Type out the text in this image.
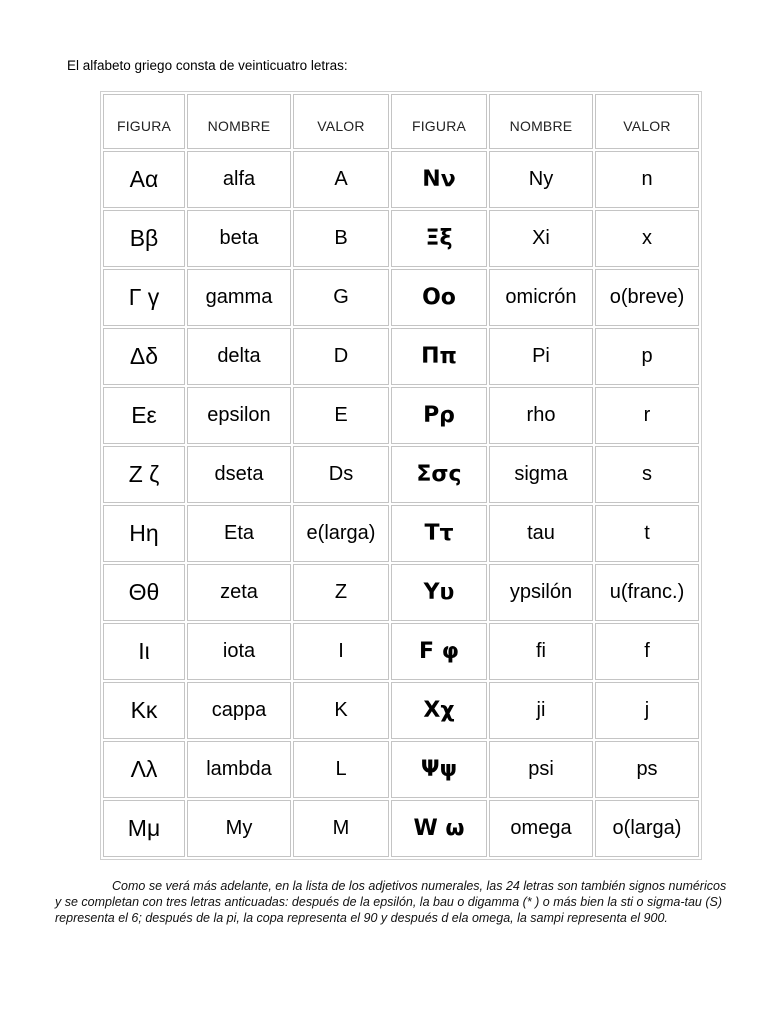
El alfabeto griego consta de veinticuatro letras:
FIGURA	NOMBRE	VALOR	FIGURA	NOMBRE	VALOR
Αα	alfa	A	Νν	Ny	n
Ββ	beta	B	Ξξ	Xi	x
Γ γ	gamma	G	Οο	omicrón	o(breve)
Δδ	delta	D	Ππ	Pi	p
Εε	epsilon	E	Ρρ	rho	r
Ζ ζ	dseta	Ds	Σσς	sigma	s
Ηη	Eta	e(larga)	Ττ	tau	t
Θθ	zeta	Z	Υυ	ypsilón	u(franc.)
Ιι	iota	I	F φ	fi	f
Κκ	cappa	K	Χχ	ji	j
Λλ	lambda	L	Ψψ	psi	ps
Μμ	My	M	W ω	omega	o(larga)
Como se verá más adelante, en la lista de los adjetivos numerales, las 24 letras son también signos numéricos y se completan con tres letras anticuadas: después de la epsilón, la bau o digamma (* ) o más bien la sti o sigma-tau (S) representa el 6; después de la pi, la copa representa el 90 y después d ela omega, la sampi representa el 900.
